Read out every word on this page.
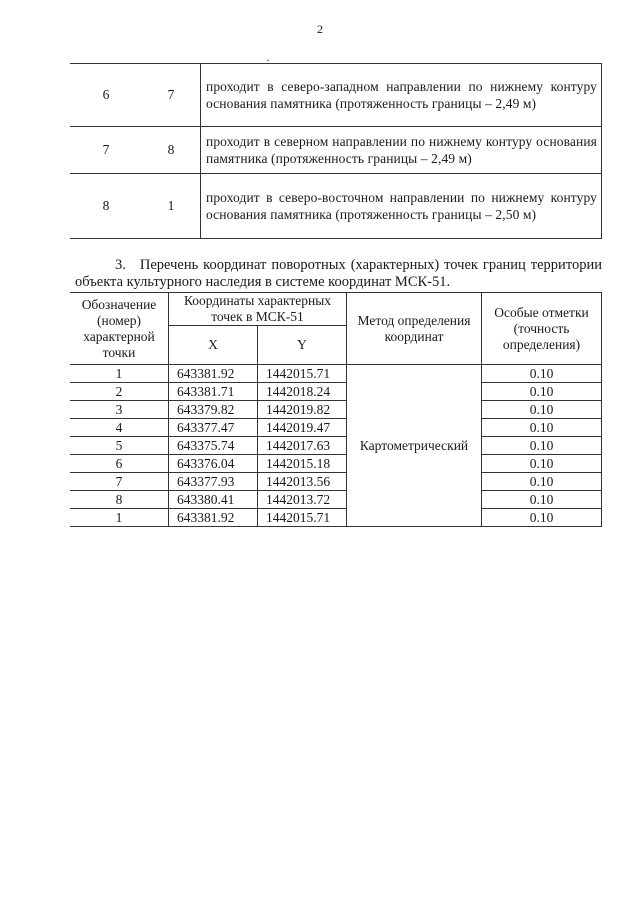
2
·
6	7	проходит в северо-западном направлении по нижнему контуру основания памятника (протяженность границы – 2,49 м)
7	8	проходит в северном направлении по нижнему контуру основания памятника (протяженность границы – 2,49 м)
8	1	проходит в северо-восточном направлении по нижнему контуру основания памятника (протяженность границы – 2,50 м)
3. Перечень координат поворотных (характерных) точек границ территории объекта культурного наследия в системе координат МСК-51.
Обозначение (номер) характерной точки	Координаты характерных точек в МСК-51		Метод определения координат	Особые отметки (точность определения)
	X	Y		
1	643381.92	1442015.71	Картометрический	0.10
2	643381.71	1442018.24		0.10
3	643379.82	1442019.82		0.10
4	643377.47	1442019.47		0.10
5	643375.74	1442017.63		0.10
6	643376.04	1442015.18		0.10
7	643377.93	1442013.56		0.10
8	643380.41	1442013.72		0.10
1	643381.92	1442015.71		0.10
